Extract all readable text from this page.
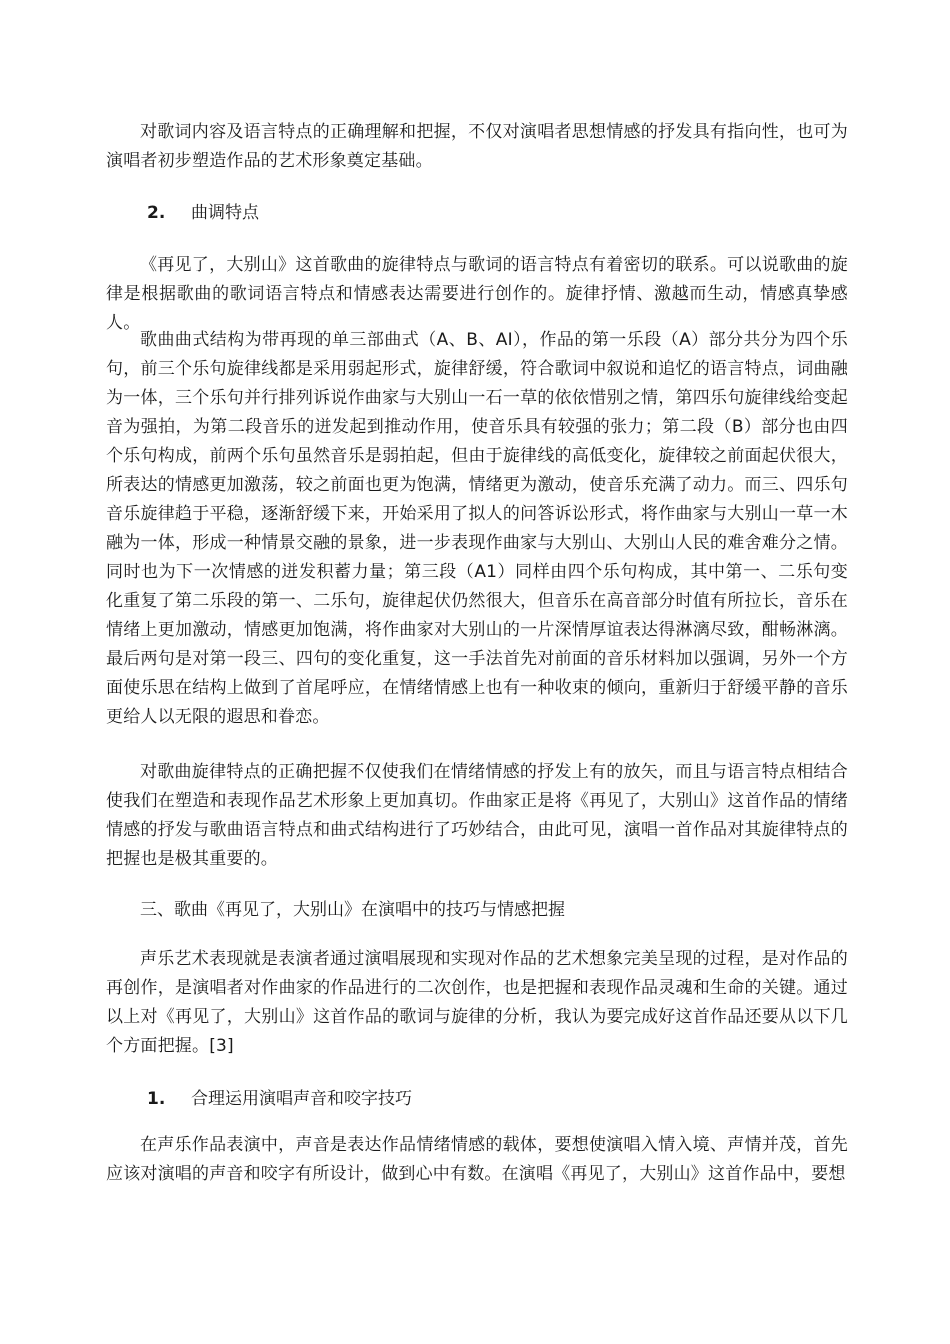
对歌词内容及语言特点的正确理解和把握，不仅对演唱者思想情感的抒发具有指向性，也可为演唱者初步塑造作品的艺术形象奠定基础。

2.	曲调特点

《再见了，大别山》这首歌曲的旋律特点与歌词的语言特点有着密切的联系。可以说歌曲的旋律是根据歌曲的歌词语言特点和情感表达需要进行创作的。旋律抒情、激越而生动，情感真挚感人。

歌曲曲式结构为带再现的单三部曲式（A、B、AI），作品的第一乐段（A）部分共分为四个乐句，前三个乐句旋律线都是采用弱起形式，旋律舒缓，符合歌词中叙说和追忆的语言特点，词曲融为一体，三个乐句并行排列诉说作曲家与大别山一石一草的依依惜别之情，第四乐句旋律线给变起音为强拍，为第二段音乐的迸发起到推动作用，使音乐具有较强的张力；第二段（B）部分也由四个乐句构成，前两个乐句虽然音乐是弱拍起，但由于旋律线的高低变化，旋律较之前面起伏很大，所表达的情感更加激荡，较之前面也更为饱满，情绪更为激动，使音乐充满了动力。而三、四乐句音乐旋律趋于平稳，逐渐舒缓下来，开始采用了拟人的问答诉讼形式，将作曲家与大别山一草一木融为一体，形成一种情景交融的景象，进一步表现作曲家与大别山、大别山人民的难舍难分之情。同时也为下一次情感的迸发积蓄力量；第三段（A1）同样由四个乐句构成，其中第一、二乐句变化重复了第二乐段的第一、二乐句，旋律起伏仍然很大，但音乐在高音部分时值有所拉长，音乐在情绪上更加激动，情感更加饱满，将作曲家对大别山的一片深情厚谊表达得淋漓尽致，酣畅淋漓。最后两句是对第一段三、四句的变化重复，这一手法首先对前面的音乐材料加以强调，另外一个方面使乐思在结构上做到了首尾呼应，在情绪情感上也有一种收束的倾向，重新归于舒缓平静的音乐更给人以无限的遐思和眷恋。

对歌曲旋律特点的正确把握不仅使我们在情绪情感的抒发上有的放矢，而且与语言特点相结合使我们在塑造和表现作品艺术形象上更加真切。作曲家正是将《再见了，大别山》这首作品的情绪情感的抒发与歌曲语言特点和曲式结构进行了巧妙结合，由此可见，演唱一首作品对其旋律特点的把握也是极其重要的。

三、歌曲《再见了，大别山》在演唱中的技巧与情感把握

声乐艺术表现就是表演者通过演唱展现和实现对作品的艺术想象完美呈现的过程，是对作品的再创作，是演唱者对作曲家的作品进行的二次创作，也是把握和表现作品灵魂和生命的关键。通过以上对《再见了，大别山》这首作品的歌词与旋律的分析，我认为要完成好这首作品还要从以下几个方面把握。[3]

1.	合理运用演唱声音和咬字技巧

在声乐作品表演中，声音是表达作品情绪情感的载体，要想使演唱入情入境、声情并茂，首先应该对演唱的声音和咬字有所设计，做到心中有数。在演唱《再见了，大别山》这首作品中，要想
